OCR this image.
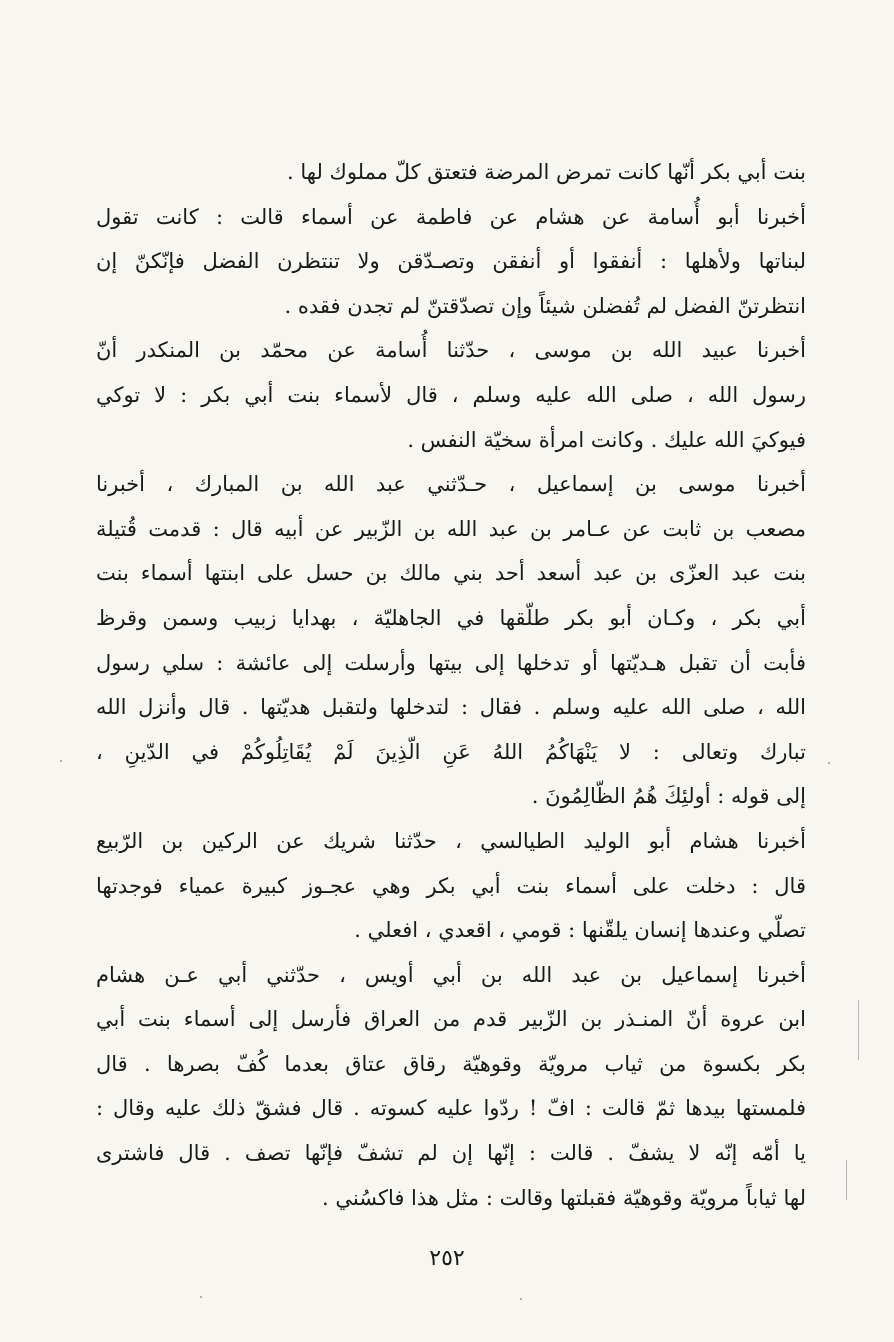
بنت أبي بكر أنّها كانت تمرض المرضة فتعتق كلّ مملوك لها .
أخبرنا أبو أُسامة عن هشام عن فاطمة عن أسماء قالت : كانت تقول
لبناتها ولأهلها : أنفقوا أو أنفقن وتصـدّقن ولا تنتظرن الفضل فإنّكنّ إن
انتظرتنّ الفضل لم تُفضلن شيئاً وإن تصدّقتنّ لم تجدن فقده .
أخبرنا عبيد الله بن موسى ، حدّثنا أُسامة عن محمّد بن المنكدر أنّ
رسول الله ، صلى الله عليه وسلم ، قال لأسماء بنت أبي بكر : لا توكي
فيوكيَ الله عليك . وكانت امرأة سخيّة النفس .
أخبرنا موسى بن إسماعيل ، حـدّثني عبد الله بن المبارك ، أخبرنا
مصعب بن ثابت عن عـامر بن عبد الله بن الزّبير عن أبيه قال : قدمت قُتيلة
بنت عبد العزّى بن عبد أسعد أحد بني مالك بن حسل على ابنتها أسماء بنت
أبي بكر ، وكـان أبو بكر طلّقها في الجاهليّة ، بهدايا زبيب وسمن وقرظ
فأبت أن تقبل هـديّتها أو تدخلها إلى بيتها وأرسلت إلى عائشة : سلي رسول
الله ، صلى الله عليه وسلم . فقال : لتدخلها ولتقبل هديّتها . قال وأنزل الله
تبارك وتعالى : لا يَنْهَاكُمُ اللهُ عَنِ الّذِينَ لَمْ يُقَاتِلُوكُمْ في الدّينِ ،
إلى قوله : أولئِكَ هُمُ الظّالِمُونَ .
أخبرنا هشام أبو الوليد الطيالسي ، حدّثنا شريك عن الركين بن الرّبيع
قال : دخلت على أسماء بنت أبي بكر وهي عجـوز كبيرة عمياء فوجدتها
تصلّي وعندها إنسان يلقّنها : قومي ، اقعدي ، افعلي .
أخبرنا إسماعيل بن عبد الله بن أبي أويس ، حدّثني أبي عـن هشام
ابن عروة أنّ المنـذر بن الزّبير قدم من العراق فأرسل إلى أسماء بنت أبي
بكر بكسوة من ثياب مرويّة وقوهيّة رقاق عتاق بعدما كُفّ بصرها . قال
فلمستها بيدها ثمّ قالت : افّ ! ردّوا عليه كسوته . قال فشقّ ذلك عليه وقال :
يا أمّه إنّه لا يشفّ . قالت : إنّها إن لم تشفّ فإنّها تصف . قال فاشترى
لها ثياباً مرويّة وقوهيّة فقبلتها وقالت : مثل هذا فاكسُني .
٢٥٢
